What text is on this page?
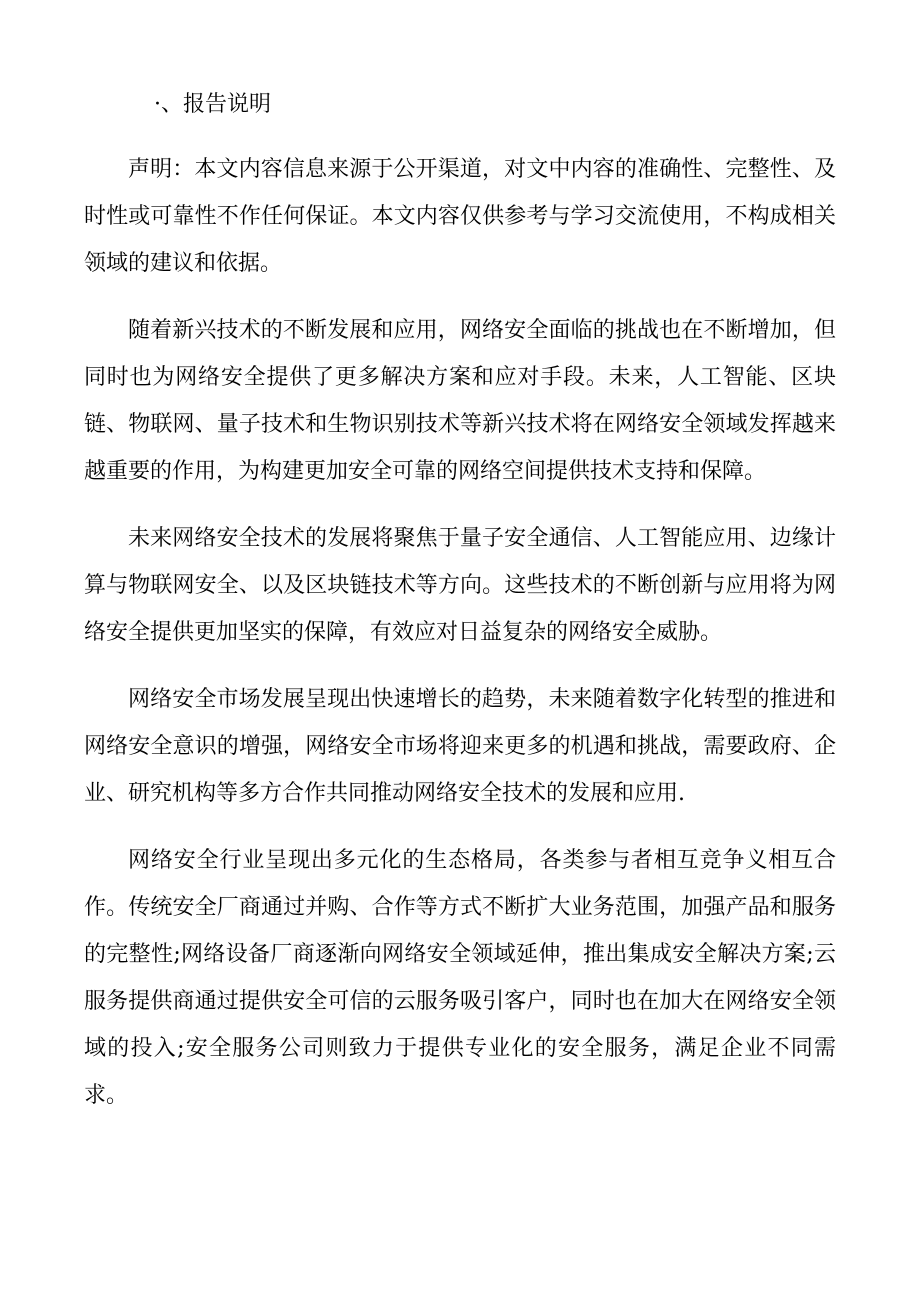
·、报告说明

声明：本文内容信息来源于公开渠道，对文中内容的准确性、完整性、及时性或可靠性不作任何保证。本文内容仅供参考与学习交流使用，不构成相关领域的建议和依据。

随着新兴技术的不断发展和应用，网络安全面临的挑战也在不断增加，但同时也为网络安全提供了更多解决方案和应对手段。未来，人工智能、区块链、物联网、量子技术和生物识别技术等新兴技术将在网络安全领域发挥越来越重要的作用，为构建更加安全可靠的网络空间提供技术支持和保障。

未来网络安全技术的发展将聚焦于量子安全通信、人工智能应用、边缘计算与物联网安全、以及区块链技术等方向。这些技术的不断创新与应用将为网络安全提供更加坚实的保障，有效应对日益复杂的网络安全威胁。

网络安全市场发展呈现出快速增长的趋势，未来随着数字化转型的推进和网络安全意识的增强，网络安全市场将迎来更多的机遇和挑战，需要政府、企业、研究机构等多方合作共同推动网络安全技术的发展和应用.

网络安全行业呈现出多元化的生态格局，各类参与者相互竞争义相互合作。传统安全厂商通过并购、合作等方式不断扩大业务范围，加强产品和服务的完整性;网络设备厂商逐渐向网络安全领域延伸，推出集成安全解决方案;云服务提供商通过提供安全可信的云服务吸引客户，同时也在加大在网络安全领域的投入;安全服务公司则致力于提供专业化的安全服务，满足企业不同需求。
